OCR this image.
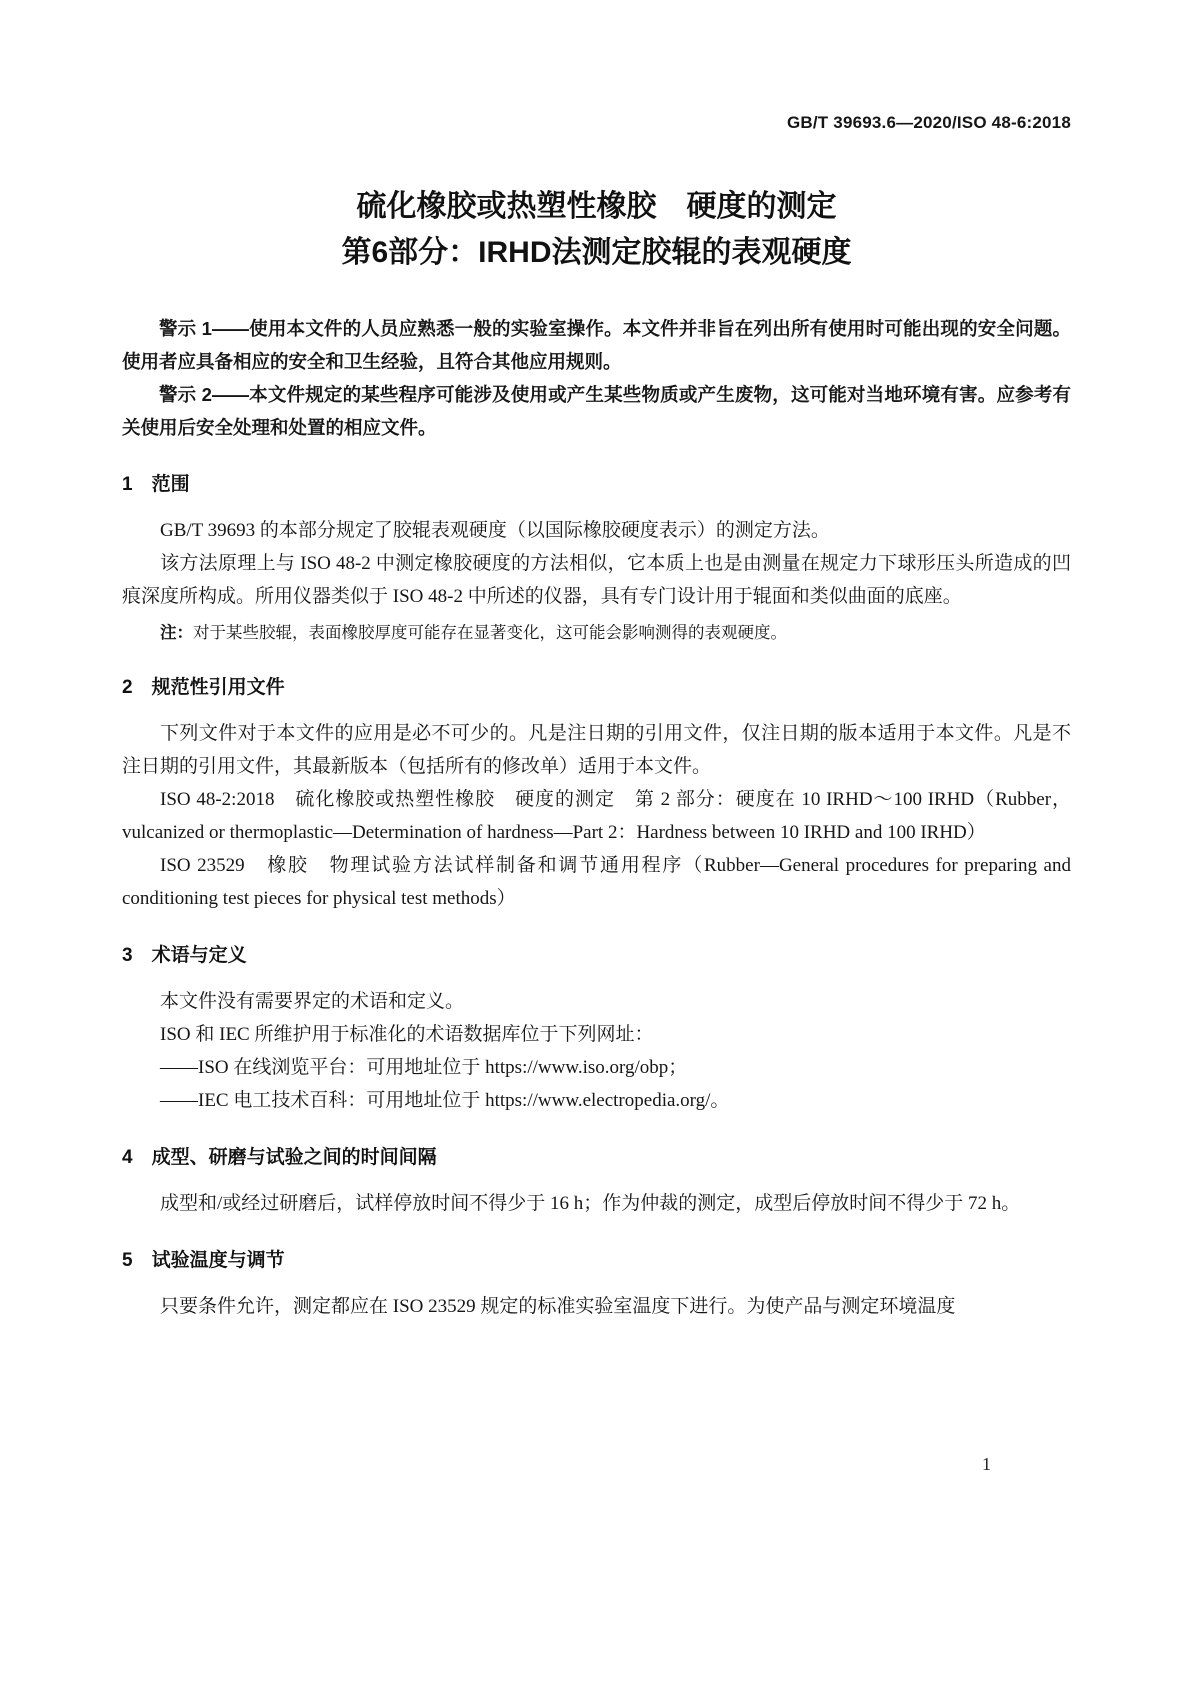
GB/T 39693.6—2020/ISO 48-6:2018
硫化橡胶或热塑性橡胶　硬度的测定
第6部分：IRHD法测定胶辊的表观硬度

警示 1——使用本文件的人员应熟悉一般的实验室操作。本文件并非旨在列出所有使用时可能出现的安全问题。使用者应具备相应的安全和卫生经验，且符合其他应用规则。

警示 2——本文件规定的某些程序可能涉及使用或产生某些物质或产生废物，这可能对当地环境有害。应参考有关使用后安全处理和处置的相应文件。

1　范围

GB/T 39693 的本部分规定了胶辊表观硬度（以国际橡胶硬度表示）的测定方法。

该方法原理上与 ISO 48-2 中测定橡胶硬度的方法相似，它本质上也是由测量在规定力下球形压头所造成的凹痕深度所构成。所用仪器类似于 ISO 48-2 中所述的仪器，具有专门设计用于辊面和类似曲面的底座。

注：对于某些胶辊，表面橡胶厚度可能存在显著变化，这可能会影响测得的表观硬度。

2　规范性引用文件

下列文件对于本文件的应用是必不可少的。凡是注日期的引用文件，仅注日期的版本适用于本文件。凡是不注日期的引用文件，其最新版本（包括所有的修改单）适用于本文件。

ISO 48-2:2018　硫化橡胶或热塑性橡胶　硬度的测定　第 2 部分：硬度在 10 IRHD～100 IRHD（Rubber，vulcanized or thermoplastic—Determination of hardness—Part 2：Hardness between 10 IRHD and 100 IRHD）

ISO 23529　橡胶　物理试验方法试样制备和调节通用程序（Rubber—General procedures for preparing and conditioning test pieces for physical test methods）

3　术语与定义

本文件没有需要界定的术语和定义。

ISO 和 IEC 所维护用于标准化的术语数据库位于下列网址：

——ISO 在线浏览平台：可用地址位于 https://www.iso.org/obp；

——IEC 电工技术百科：可用地址位于 https://www.electropedia.org/。

4　成型、研磨与试验之间的时间间隔

成型和/或经过研磨后，试样停放时间不得少于 16 h；作为仲裁的测定，成型后停放时间不得少于 72 h。

5　试验温度与调节

只要条件允许，测定都应在 ISO 23529 规定的标准实验室温度下进行。为使产品与测定环境温度

1
